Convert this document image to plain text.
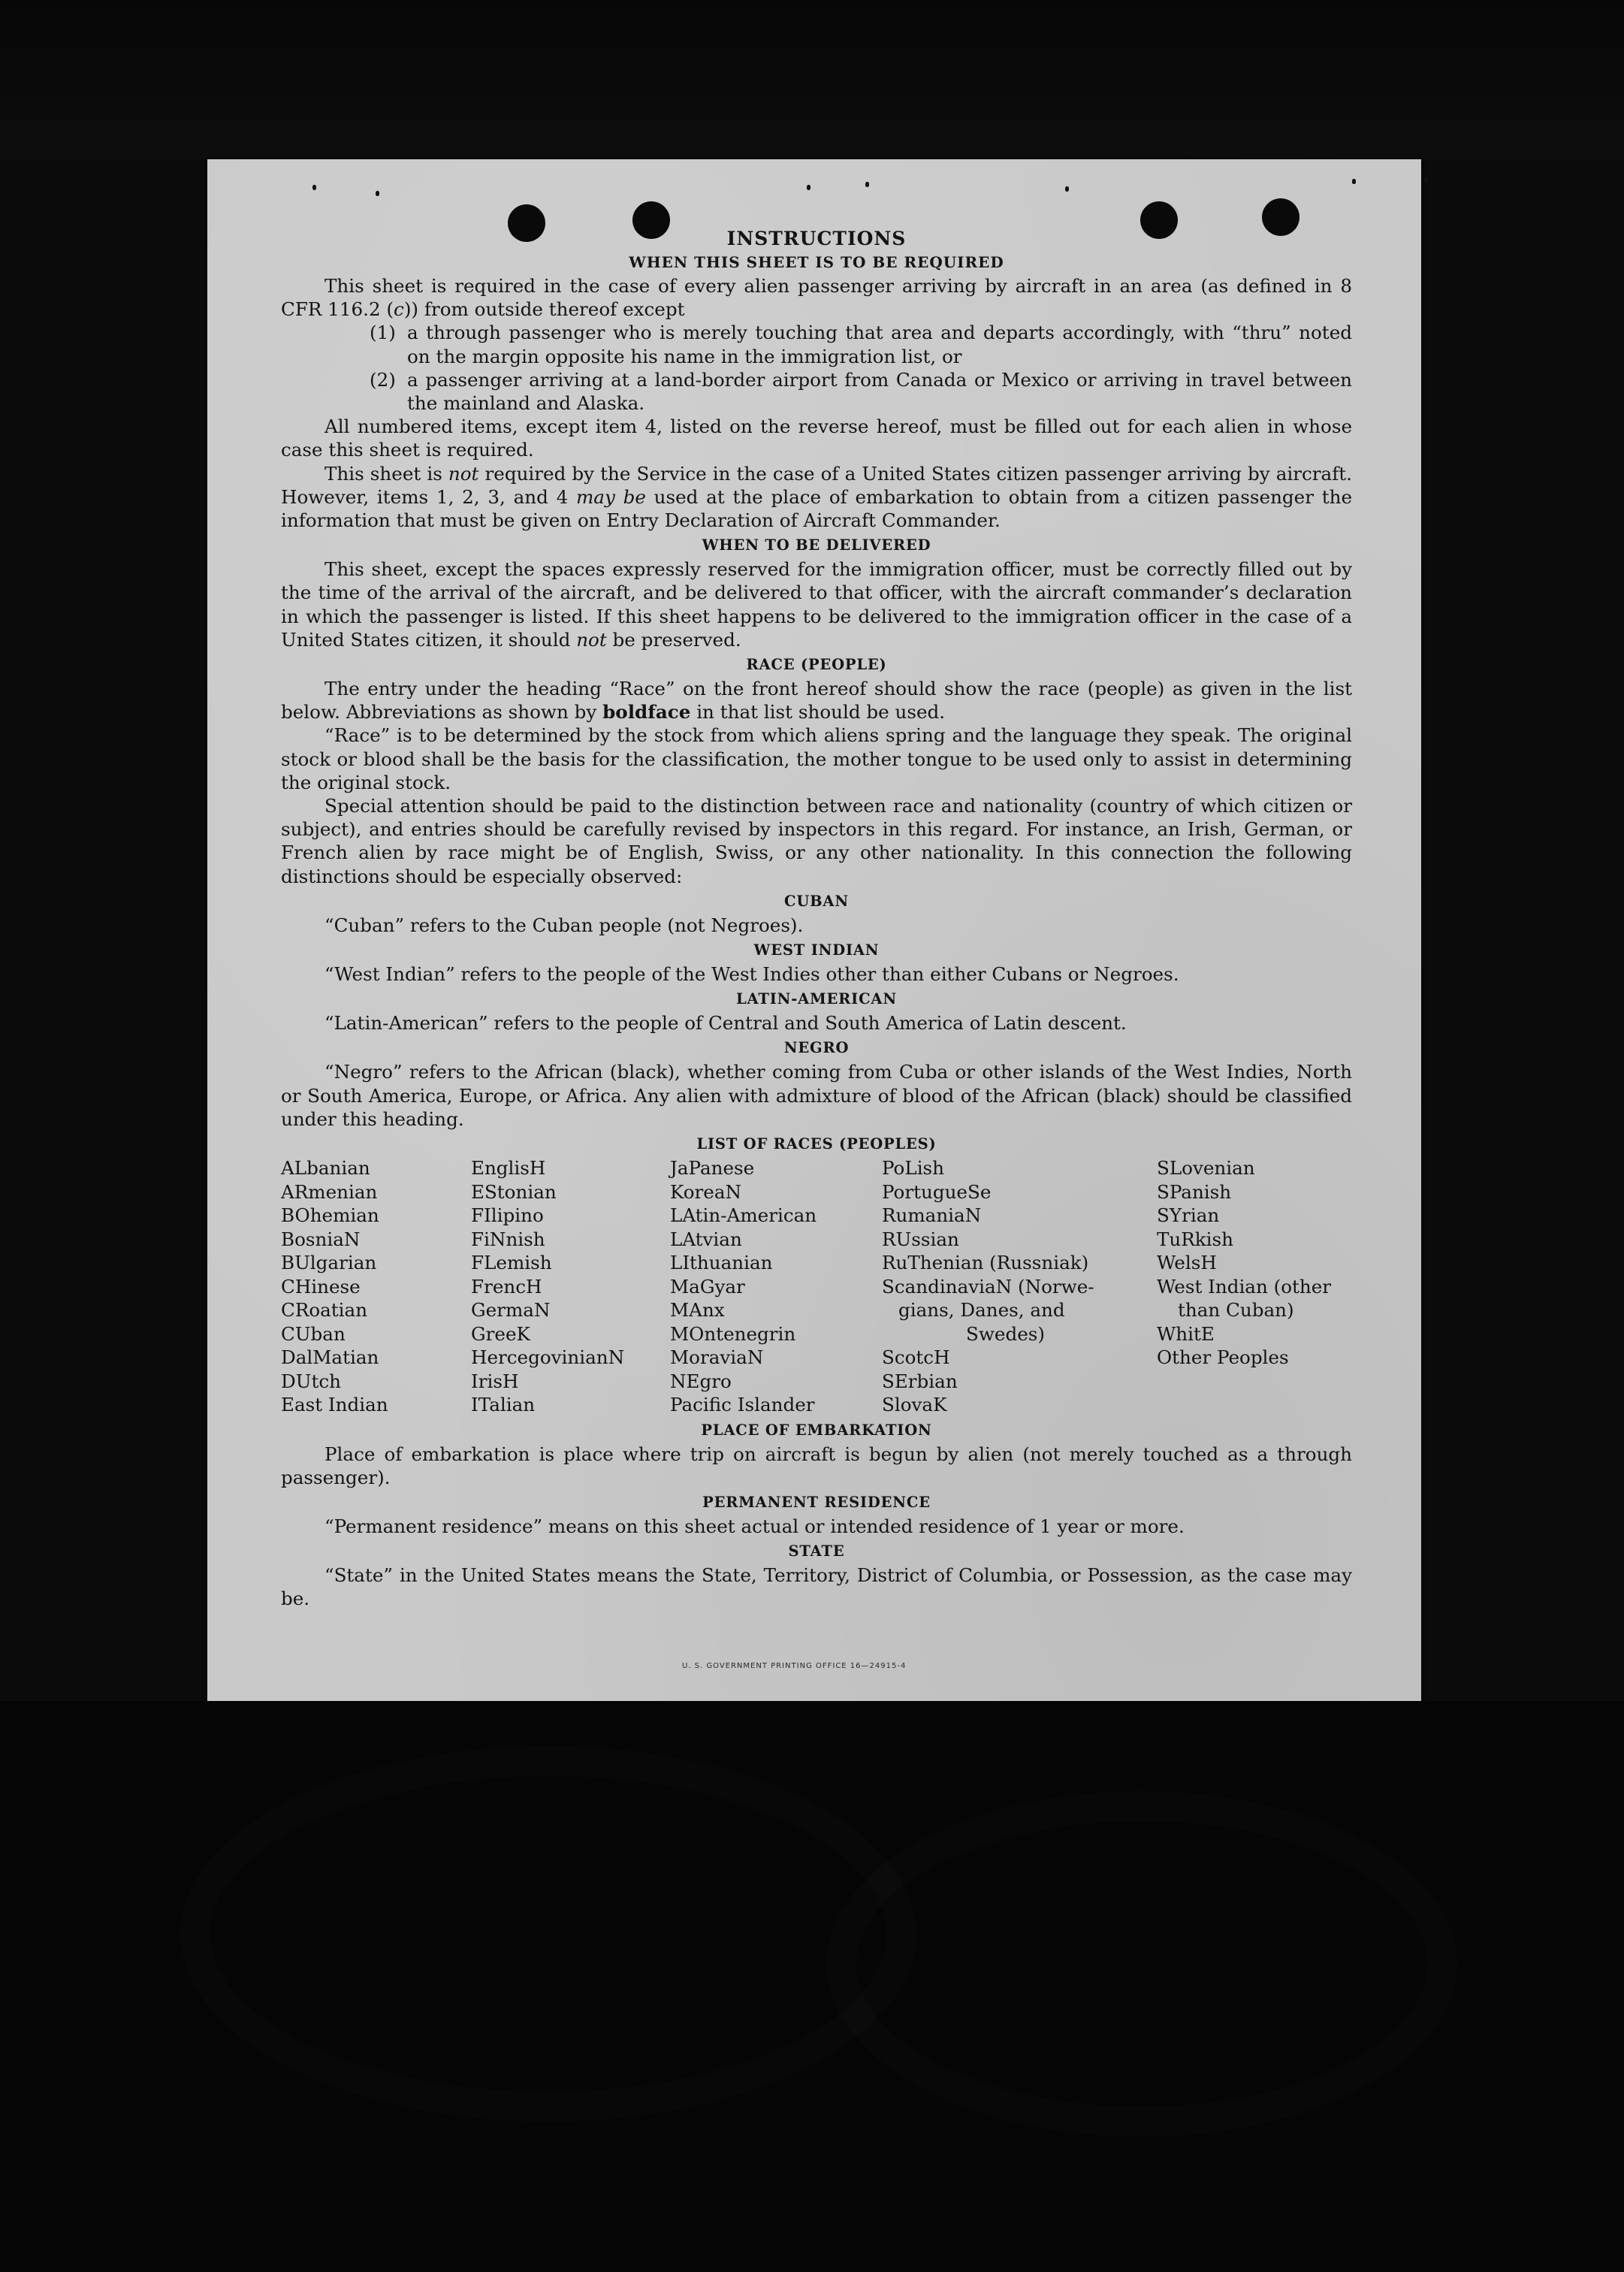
INSTRUCTIONS
WHEN THIS SHEET IS TO BE REQUIRED

This sheet is required in the case of every alien passenger arriving by aircraft in an area (as defined in 8 CFR 116.2 (c)) from outside thereof except

(1) a through passenger who is merely touching that area and departs accordingly, with “thru” noted on the margin opposite his name in the immigration list, or
(2) a passenger arriving at a land-border airport from Canada or Mexico or arriving in travel between the mainland and Alaska.

All numbered items, except item 4, listed on the reverse hereof, must be filled out for each alien in whose case this sheet is required.

This sheet is not required by the Service in the case of a United States citizen passenger arriving by aircraft. However, items 1, 2, 3, and 4 may be used at the place of embarkation to obtain from a citizen passenger the information that must be given on Entry Declaration of Aircraft Commander.

WHEN TO BE DELIVERED

This sheet, except the spaces expressly reserved for the immigration officer, must be correctly filled out by the time of the arrival of the aircraft, and be delivered to that officer, with the aircraft commander’s declaration in which the passenger is listed. If this sheet happens to be delivered to the immigration officer in the case of a United States citizen, it should not be preserved.

RACE (PEOPLE)

The entry under the heading “Race” on the front hereof should show the race (people) as given in the list below. Abbreviations as shown by boldface in that list should be used.

“Race” is to be determined by the stock from which aliens spring and the language they speak. The original stock or blood shall be the basis for the classification, the mother tongue to be used only to assist in determining the original stock.

Special attention should be paid to the distinction between race and nationality (country of which citizen or subject), and entries should be carefully revised by inspectors in this regard. For instance, an Irish, German, or French alien by race might be of English, Swiss, or any other nationality. In this connection the following distinctions should be especially observed:

CUBAN

“Cuban” refers to the Cuban people (not Negroes).

WEST INDIAN

“West Indian” refers to the people of the West Indies other than either Cubans or Negroes.

LATIN-AMERICAN

“Latin-American” refers to the people of Central and South America of Latin descent.

NEGRO

“Negro” refers to the African (black), whether coming from Cuba or other islands of the West Indies, North or South America, Europe, or Africa. Any alien with admixture of blood of the African (black) should be classified under this heading.

LIST OF RACES (PEOPLES)
ALbanian
ARmenian
BOhemian
BosniaN
BUlgarian
CHinese
CRoatian
CUban
DalMatian
DUtch
East Indian
EnglisH
EStonian
FIlipino
FiNnish
FLemish
FrencH
GermaN
GreeK
HercegovinianN
IrisH
ITalian
JaPanese
KoreaN
LAtin-American
LAtvian
LIthuanian
MaGyar
MAnx
MOntenegrin
MoraviaN
NEgro
Pacific Islander
PoLish
PortugueSe
RumaniaN
RUssian
RuThenian (Russniak)
ScandinaviaN (Norwe-
gians, Danes, and
Swedes)
ScotcH
SErbian
SlovaK
SLovenian
SPanish
SYrian
TuRkish
WelsH
West Indian (other
than Cuban)
WhitE
Other Peoples
PLACE OF EMBARKATION

Place of embarkation is place where trip on aircraft is begun by alien (not merely touched as a through passenger).

PERMANENT RESIDENCE

“Permanent residence” means on this sheet actual or intended residence of 1 year or more.

STATE

“State” in the United States means the State, Territory, District of Columbia, or Possession, as the case may be.

U. S. GOVERNMENT PRINTING OFFICE 16—24915-4
